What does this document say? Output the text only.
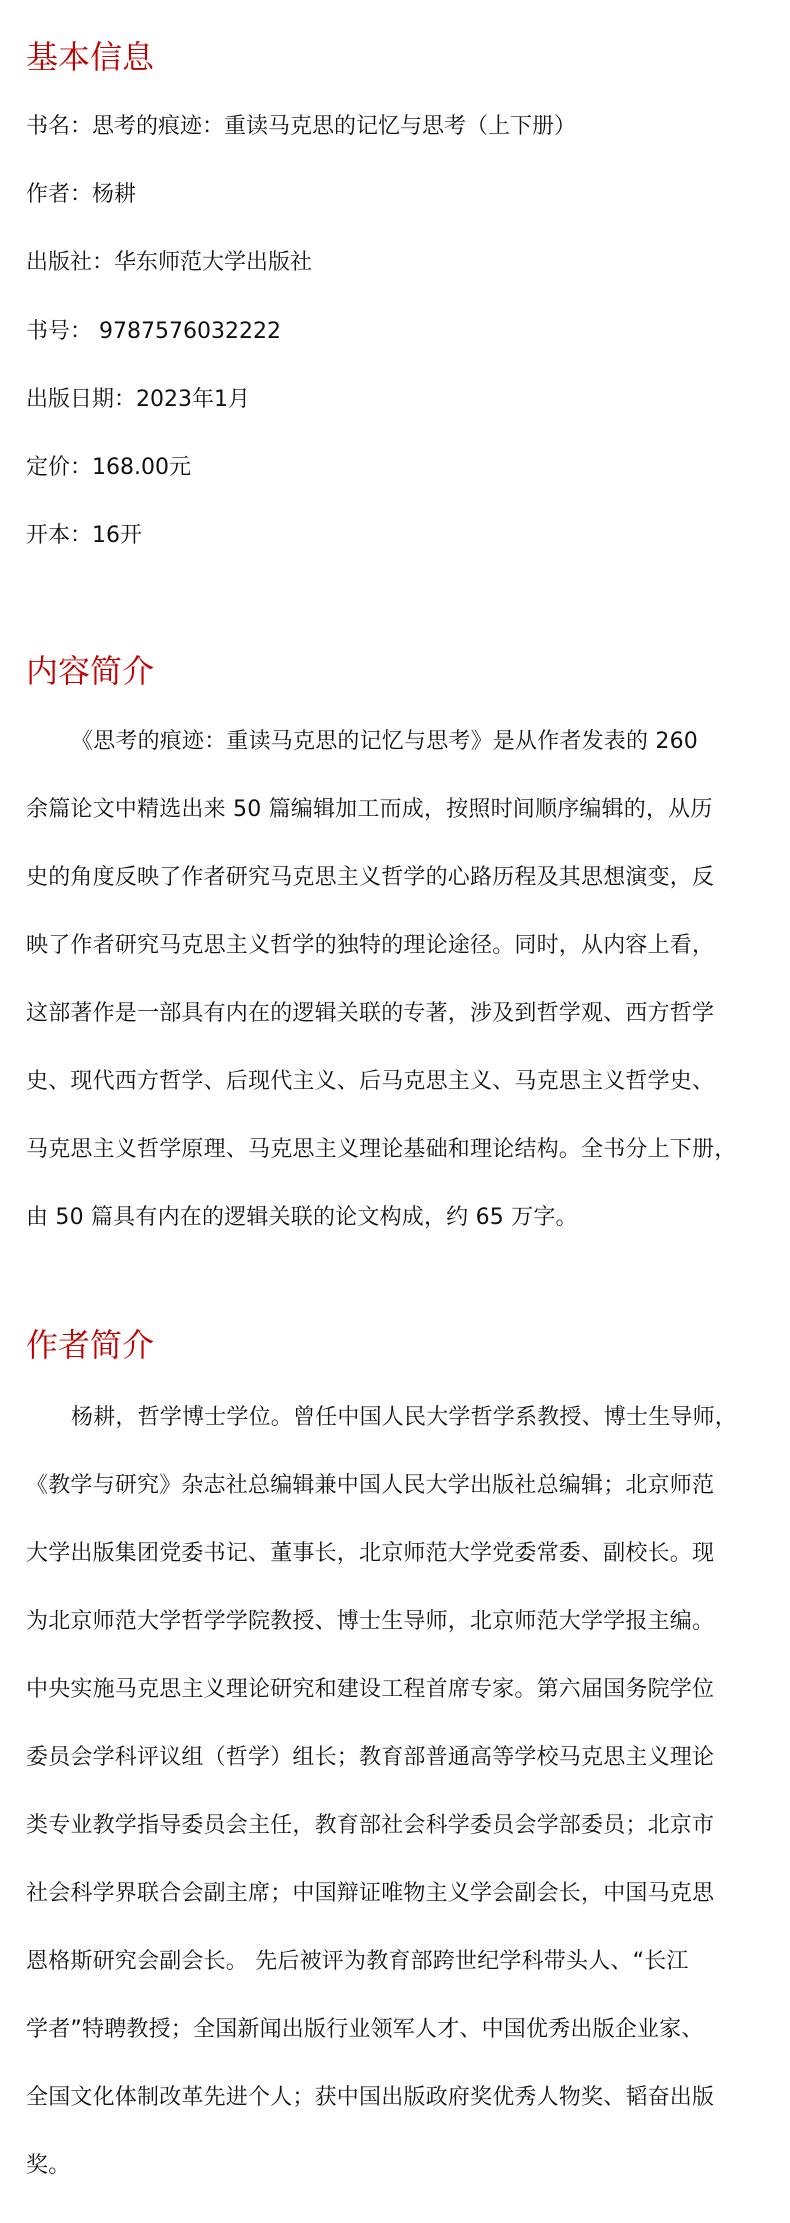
基本信息

书名：思考的痕迹：重读马克思的记忆与思考（上下册）

作者：杨耕

出版社：华东师范大学出版社

书号： 9787576032222

出版日期：2023年1月

定价：168.00元

开本：16开

内容简介

《思考的痕迹：重读马克思的记忆与思考》是从作者发表的 260

余篇论文中精选出来 50 篇编辑加工而成，按照时间顺序编辑的，从历

史的角度反映了作者研究马克思主义哲学的心路历程及其思想演变，反

映了作者研究马克思主义哲学的独特的理论途径。同时，从内容上看，

这部著作是一部具有内在的逻辑关联的专著，涉及到哲学观、西方哲学

史、现代西方哲学、后现代主义、后马克思主义、马克思主义哲学史、

马克思主义哲学原理、马克思主义理论基础和理论结构。全书分上下册，

由 50 篇具有内在的逻辑关联的论文构成，约 65 万字。

作者简介

杨耕，哲学博士学位。曾任中国人民大学哲学系教授、博士生导师，

《教学与研究》杂志社总编辑兼中国人民大学出版社总编辑；北京师范

大学出版集团党委书记、董事长，北京师范大学党委常委、副校长。现

为北京师范大学哲学学院教授、博士生导师，北京师范大学学报主编。

中央实施马克思主义理论研究和建设工程首席专家。第六届国务院学位

委员会学科评议组（哲学）组长；教育部普通高等学校马克思主义理论

类专业教学指导委员会主任，教育部社会科学委员会学部委员；北京市

社会科学界联合会副主席；中国辩证唯物主义学会副会长，中国马克思

恩格斯研究会副会长。 先后被评为教育部跨世纪学科带头人、“长江

学者”特聘教授；全国新闻出版行业领军人才、中国优秀出版企业家、

全国文化体制改革先进个人；获中国出版政府奖优秀人物奖、韬奋出版

奖。
